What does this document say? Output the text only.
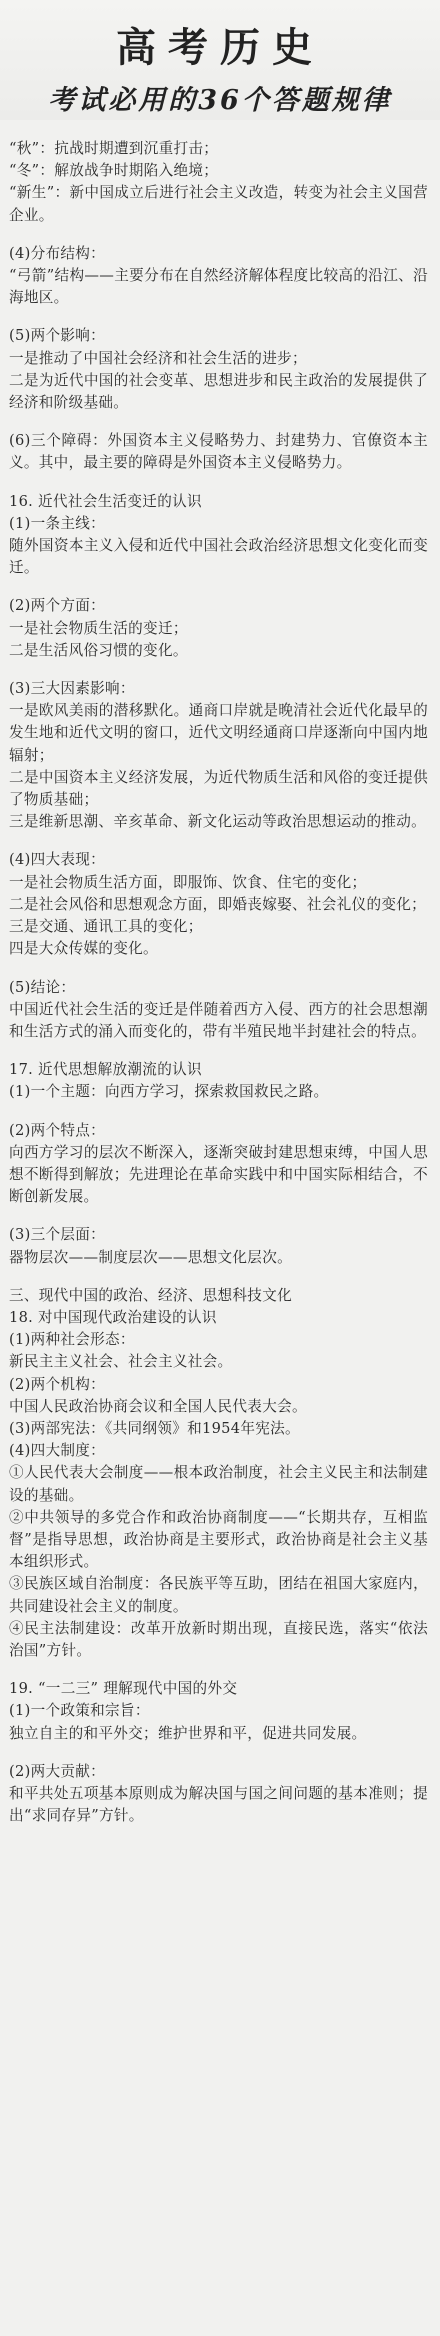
高考历史
考试必用的36个答题规律

“秋”：抗战时期遭到沉重打击；

“冬”：解放战争时期陷入绝境；

“新生”：新中国成立后进行社会主义改造，转变为社会主义国营企业。

(4)分布结构：

“弓箭”结构——主要分布在自然经济解体程度比较高的沿江、沿海地区。

(5)两个影响：

一是推动了中国社会经济和社会生活的进步；

二是为近代中国的社会变革、思想进步和民主政治的发展提供了经济和阶级基础。

(6)三个障碍：外国资本主义侵略势力、封建势力、官僚资本主义。其中，最主要的障碍是外国资本主义侵略势力。

16. 近代社会生活变迁的认识

(1)一条主线：

随外国资本主义入侵和近代中国社会政治经济思想文化变化而变迁。

(2)两个方面：

一是社会物质生活的变迁；

二是生活风俗习惯的变化。

(3)三大因素影响：

一是欧风美雨的潜移默化。通商口岸就是晚清社会近代化最早的发生地和近代文明的窗口，近代文明经通商口岸逐渐向中国内地辐射；

二是中国资本主义经济发展，为近代物质生活和风俗的变迁提供了物质基础；

三是维新思潮、辛亥革命、新文化运动等政治思想运动的推动。

(4)四大表现：

一是社会物质生活方面，即服饰、饮食、住宅的变化；

二是社会风俗和思想观念方面，即婚丧嫁娶、社会礼仪的变化；

三是交通、通讯工具的变化；

四是大众传媒的变化。

(5)结论：

中国近代社会生活的变迁是伴随着西方入侵、西方的社会思想潮和生活方式的涌入而变化的，带有半殖民地半封建社会的特点。

17. 近代思想解放潮流的认识

(1)一个主题：向西方学习，探索救国救民之路。

(2)两个特点：

向西方学习的层次不断深入，逐渐突破封建思想束缚，中国人思想不断得到解放；先进理论在革命实践中和中国实际相结合，不断创新发展。

(3)三个层面：

器物层次——制度层次——思想文化层次。

三、现代中国的政治、经济、思想科技文化

18. 对中国现代政治建设的认识

(1)两种社会形态：

新民主主义社会、社会主义社会。

(2)两个机构：

中国人民政治协商会议和全国人民代表大会。

(3)两部宪法：《共同纲领》和1954年宪法。

(4)四大制度：

①人民代表大会制度——根本政治制度，社会主义民主和法制建设的基础。

②中共领导的多党合作和政治协商制度——“长期共存，互相监督”是指导思想，政治协商是主要形式，政治协商是社会主义基本组织形式。

③民族区域自治制度：各民族平等互助，团结在祖国大家庭内，共同建设社会主义的制度。

④民主法制建设：改革开放新时期出现，直接民选，落实“依法治国”方针。

19. “一二三” 理解现代中国的外交

(1)一个政策和宗旨：

独立自主的和平外交；维护世界和平，促进共同发展。

(2)两大贡献：

和平共处五项基本原则成为解决国与国之间问题的基本准则；提出“求同存异”方针。
